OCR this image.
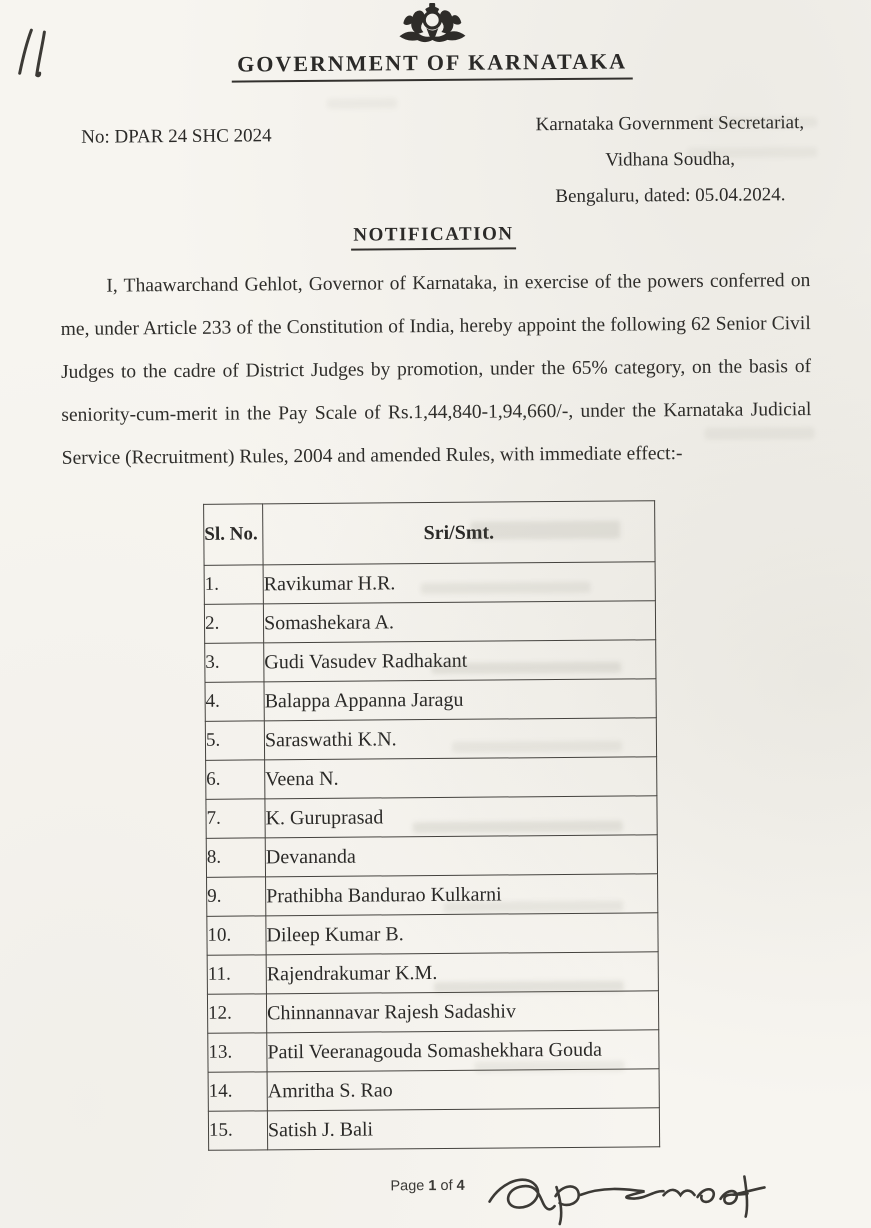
GOVERNMENT OF KARNATAKA
No: DPAR 24 SHC 2024
Karnataka Government Secretariat,
Vidhana Soudha,
Bengaluru, dated: 05.04.2024.
NOTIFICATION
I, Thaawarchand Gehlot, Governor of Karnataka, in exercise of the powers conferred on me, under Article 233 of the Constitution of India, hereby appoint the following 62 Senior Civil Judges to the cadre of District Judges by promotion, under the 65% category, on the basis of seniority-cum-merit in the Pay Scale of Rs.1,44,840-1,94,660/-, under the Karnataka Judicial Service (Recruitment) Rules, 2004 and amended Rules, with immediate effect:-
Sl. No.	Sri/Smt.
1.	Ravikumar H.R.
2.	Somashekara A.
3.	Gudi Vasudev Radhakant
4.	Balappa Appanna Jaragu
5.	Saraswathi K.N.
6.	Veena N.
7.	K. Guruprasad
8.	Devananda
9.	Prathibha Bandurao Kulkarni
10.	Dileep Kumar B.
11.	Rajendrakumar K.M.
12.	Chinnannavar Rajesh Sadashiv
13.	Patil Veeranagouda Somashekhara Gouda
14.	Amritha S. Rao
15.	Satish J. Bali
Page 1 of 4
